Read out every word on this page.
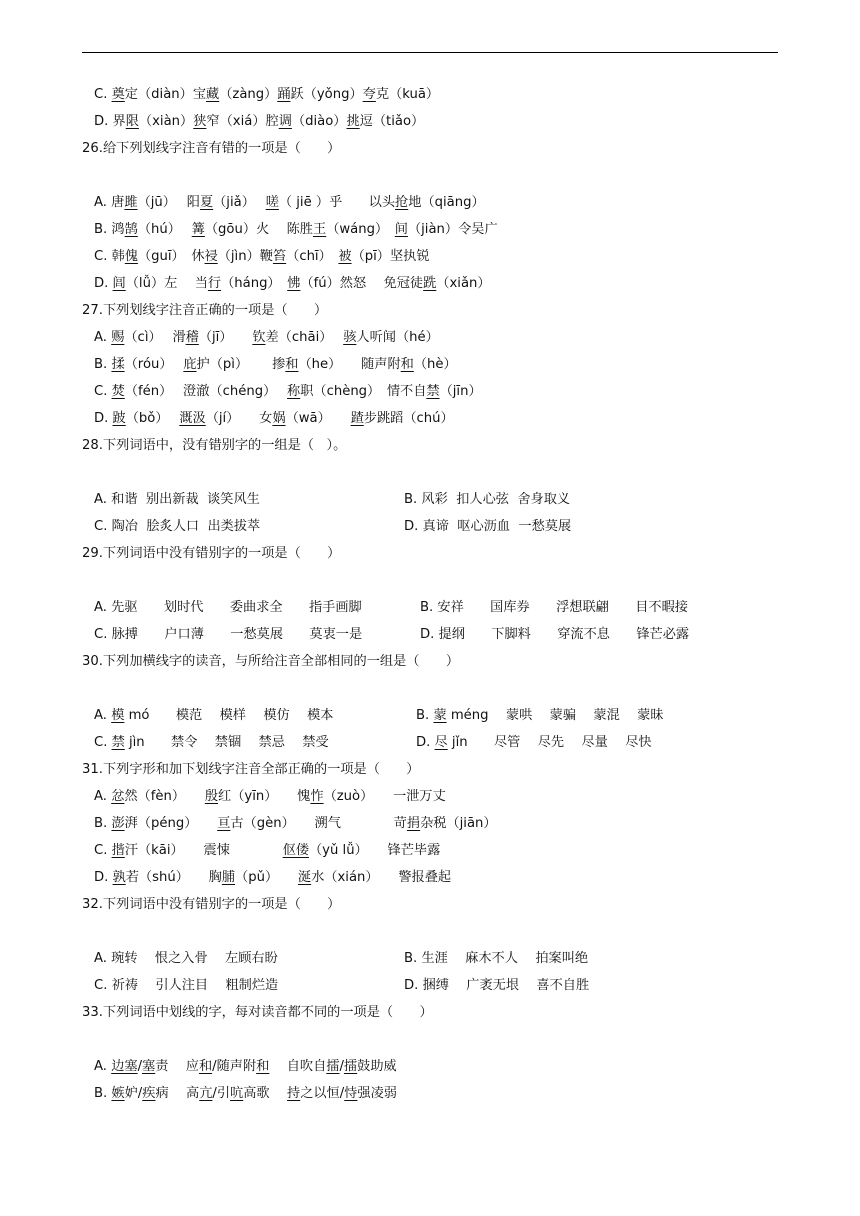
C. 奠定（diàn）宝藏（zàng）踊跃（yǒng）夸克（kuā）
D. 界限（xiàn）狭窄（xiá）腔调（diào）挑逗（tiǎo）
26.给下列划线字注音有错的一项是（　　）
A. 唐雎（jū）　 阳夏（jiǎ）　 嗟（ jiē ）乎　　以头抢地（qiāng）
B. 鸿鹄（hú）　 篝（gōu）火　 陈胜王（wáng）　间（jiàn）令吴广
C. 韩傀（guī）　休祲（jìn）鞭笞（chī）　被（pī）坚执锐
D. 闾（lǚ）左　 当行（háng）　怫（fú）然怒　 免冠徒跣（xiǎn）
27.下列划线字注音正确的一项是（　　）
A. 赐（cì）　 滑稽（jī）　　钦差（chāi）　 骇人听闻（hé）
B. 揉（róu）　 庇护（pì）　　 掺和（he）　　随声附和（hè）
C. 焚（fén）　 澄澈（chéng）　 称职（chèng）　情不自禁（jīn）
D. 跛（bǒ）　 溉汲（jí）　　女娲（wā）　　蹅步跳蹈（chú）
28.下列词语中，没有错别字的一组是（   ）。
A. 和谐  别出新裁  谈笑风生	B. 风彩  扣人心弦  舍身取义
C. 陶冶  脍炙人口  出类拔萃	D. 真谛  呕心沥血  一愁莫展
29.下列词语中没有错别字的一项是（　　）
A. 先驱　　划时代　　委曲求全　　指手画脚	B. 安祥　　国库券　　浮想联翩　　目不暇接
C. 脉搏　　户口薄　　一愁莫展　　莫衷一是	D. 提纲　　下脚料　　穿流不息　　锋芒必露
30.下列加横线字的读音，与所给注音全部相同的一组是（　　）
A. 模 mó　　模范　 模样　 模仿　 模本	B. 蒙 méng　 蒙哄　 蒙骗　 蒙混　 蒙昧
C. 禁 jìn　　禁令　 禁锢　 禁忌　 禁受	D. 尽 jǐn　　尽管　 尽先　 尽量　 尽快
31.下列字形和加下划线字注音全部正确的一项是（　　）
A. 忿然（fèn）　　殷红（yīn）　　愧怍（zuò）　　一泄万丈
B. 澎湃（péng）　　亘古（gèn）　　溯气　　　　苛捐杂税（jiān）
C. 揩汗（kāi）　　震悚　　　　伛偻（yǔ lǚ）　　锋芒毕露
D. 孰若（shú）　　胸脯（pǔ）　　涎水（xián）　　警报叠起
32.下列词语中没有错别字的一项是（　　）
A. 琬转　 恨之入骨　 左顾右盼	B. 生涯　 麻木不人　 拍案叫绝
C. 祈祷　 引人注目　 粗制烂造	D. 捆缚　 广袤无垠　 喜不自胜
33.下列词语中划线的字，每对读音都不同的一项是（　　）
A. 边塞/塞责　 应和/随声附和　 自吹自擂/擂鼓助威
B. 嫉妒/疾病　 高亢/引吭高歌　 持之以恒/恃强凌弱
